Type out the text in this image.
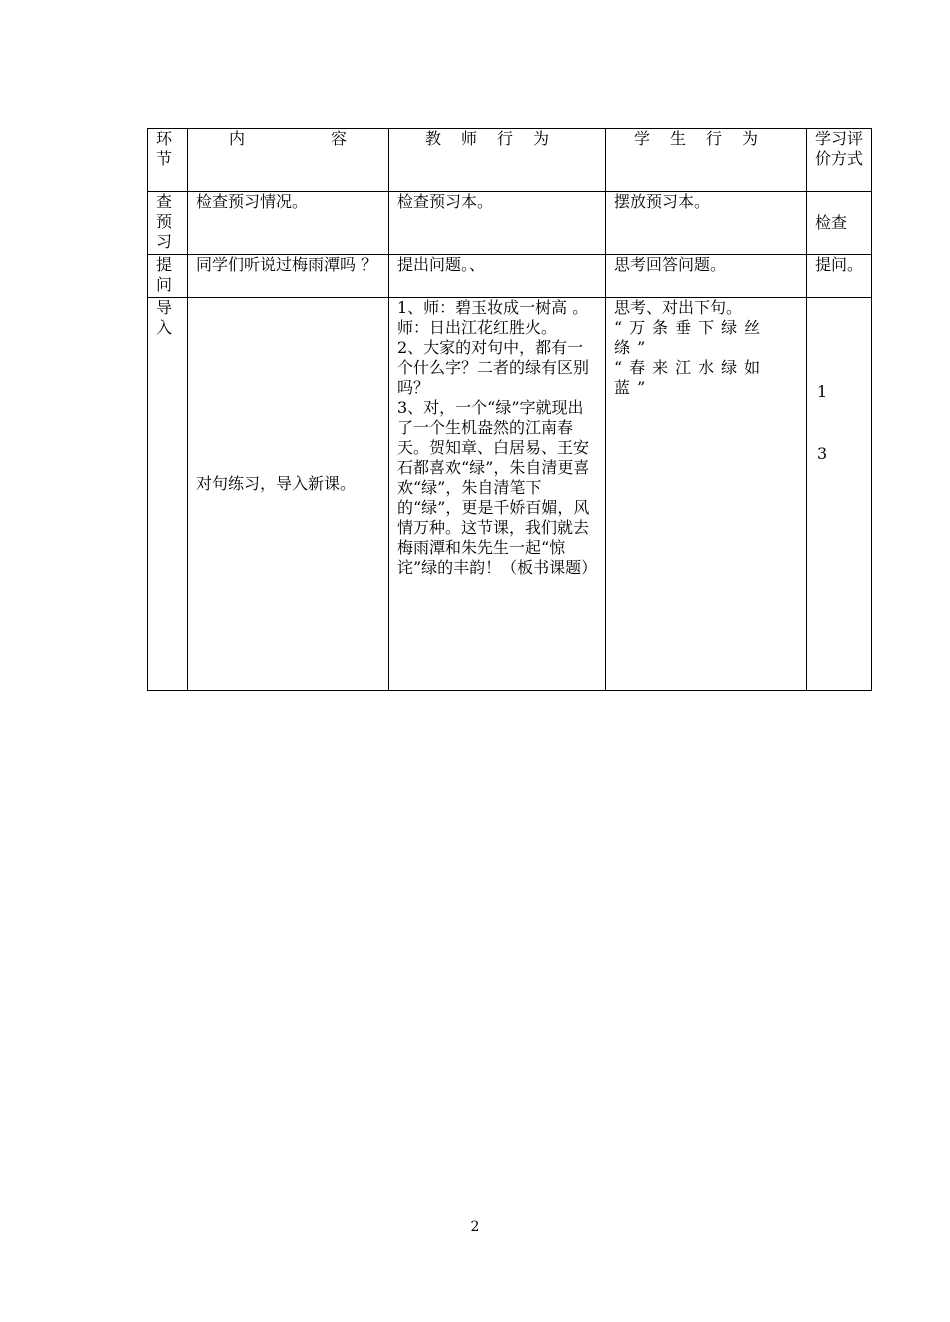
环节	内 容	教师行为	学生行为	学习评价方式
查预习	检查预习情况。	检查预习本。	摆放预习本。	检查
提问	同学们听说过梅雨潭吗 ？	提出问题。、	思考回答问题。	提问。
导入	对句练习，导入新课。	1、师：碧玉妆成一树高 。
师：日出江花红胜火。
2、大家的对句中，都有一个什么字？二者的绿有区别吗？
3、对，一个“绿”字就现出了一个生机盎然的江南春天。贺知章、白居易、王安石都喜欢“绿”，朱自清更喜欢“绿”，朱自清笔下的“绿”，更是千娇百媚，风情万种。这节课，我们就去梅雨潭和朱先生一起“惊诧”绿的丰韵！（板书课题）	思考、对出下句。
“万条垂下绿丝绦”
“春来江水绿如蓝”	1
3
2
